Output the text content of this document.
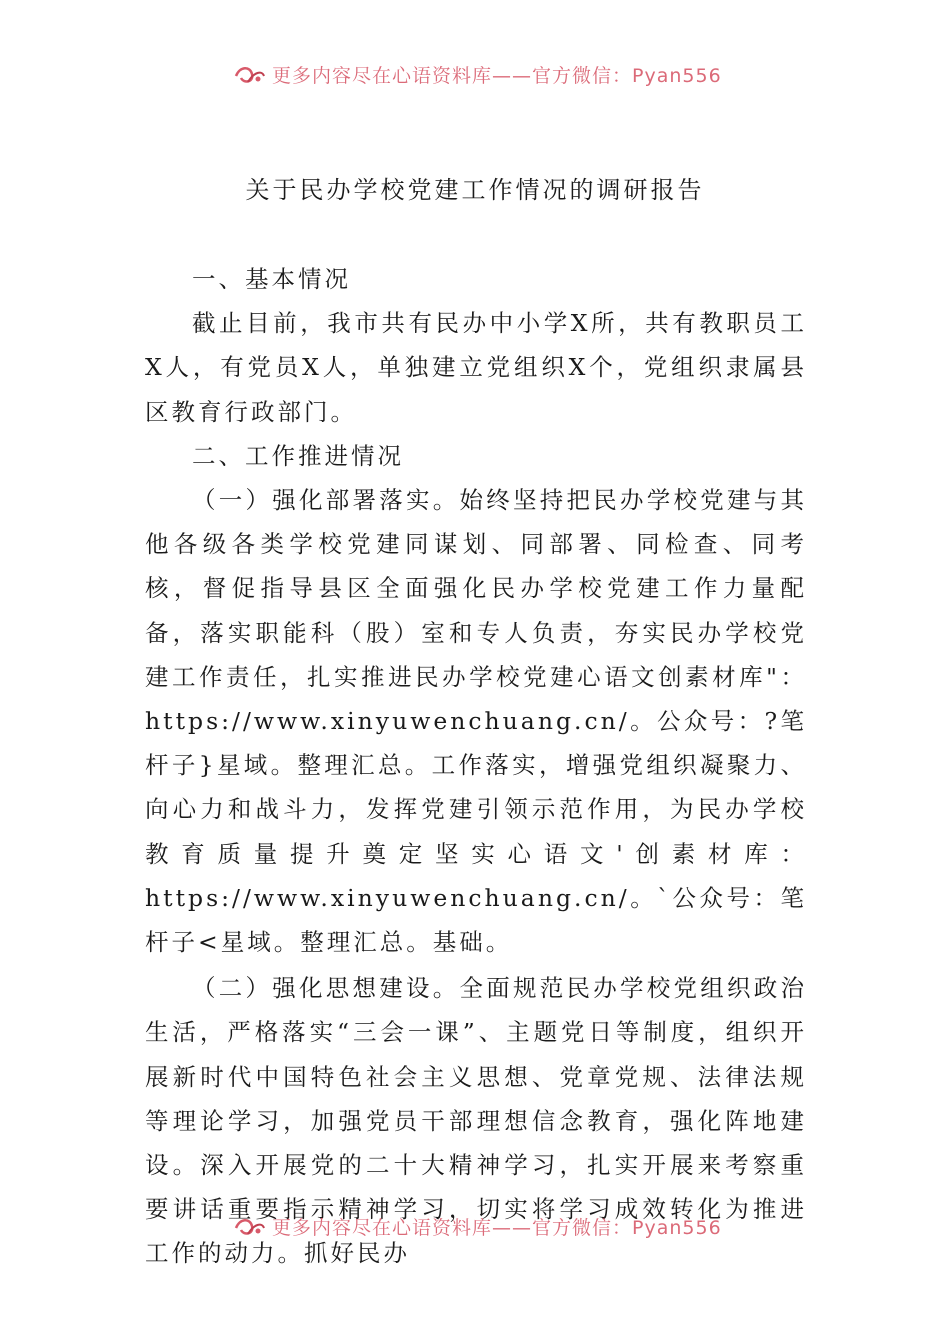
更多内容尽在心语资料库——官方微信：Pyan556
关于民办学校党建工作情况的调研报告

一、基本情况

截止目前，我市共有民办中小学X所，共有教职员工X人，有党员X人，单独建立党组织X个，党组织隶属县区教育行政部门。

二、工作推进情况

（一）强化部署落实。始终坚持把民办学校党建与其他各级各类学校党建同谋划、同部署、同检查、同考核，督促指导县区全面强化民办学校党建工作力量配备，落实职能科（股）室和专人负责，夯实民办学校党建工作责任，扎实推进民办学校党建心语文创素材库"：https://www.xinyuwenchuang.cn/。公众号：?笔杆子}星域。整理汇总。工作落实，增强党组织凝聚力、向心力和战斗力，发挥党建引领示范作用，为民办学校教育质量提升奠定坚实心语文'创素材库：https://www.xinyuwenchuang.cn/。`公众号：笔杆子<星域。整理汇总。基础。

（二）强化思想建设。全面规范民办学校党组织政治生活，严格落实“三会一课”、主题党日等制度，组织开展新时代中国特色社会主义思想、党章党规、法律法规等理论学习，加强党员干部理想信念教育，强化阵地建设。深入开展党的二十大精神学习，扎实开展来考察重要讲话重要指示精神学习，切实将学习成效转化为推进工作的动力。抓好民办

更多内容尽在心语资料库——官方微信：Pyan556
